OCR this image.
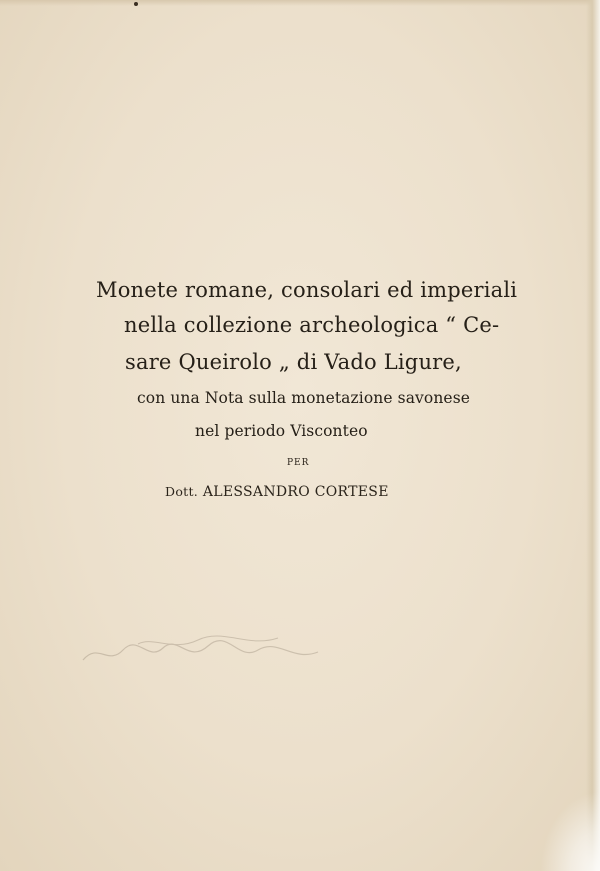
Monete romane, consolari ed imperiali
nella collezione archeologica “ Ce-
sare Queirolo „ di Vado Ligure,
con una Nota sulla monetazione savonese
nel periodo Visconteo
PER
Dott. ALESSANDRO CORTESE
